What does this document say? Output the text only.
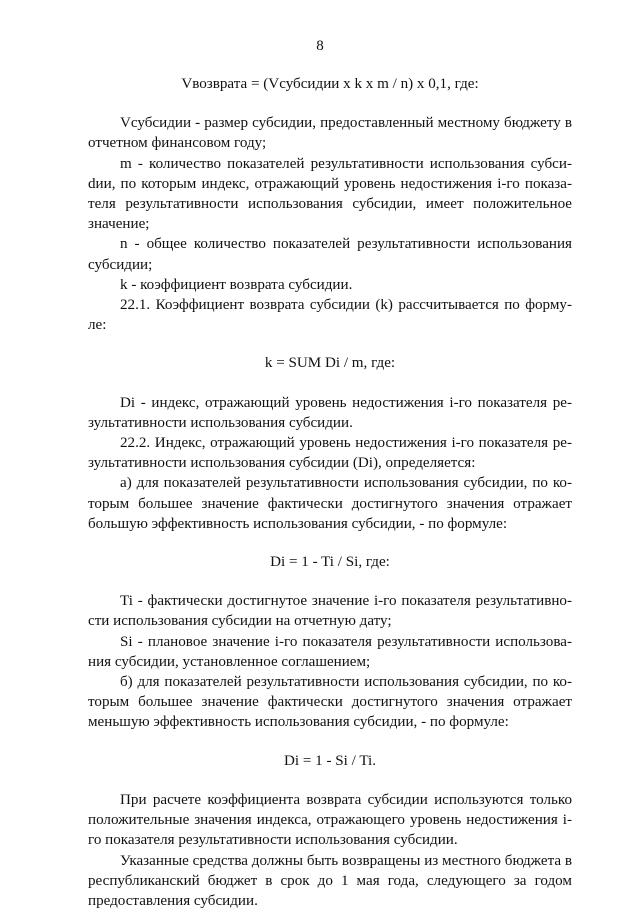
8

Vвозврата = (Vсубсидии x k x m / n) x 0,1, где:

Vсубсидии - размер субсидии, предоставленный местному бюджету в отчетном финансовом году;

m - количество показателей результативности использования субсиdии, по которым индекс, отражающий уровень недостижения i-го показателя результативности использования субсидии, имеет положительное значение;

n - общее количество показателей результативности использования субсидии;

k - коэффициент возврата субсидии.

22.1. Коэффициент возврата субсидии (k) рассчитывается по формуле:

k = SUM Di / m, где:

Di - индекс, отражающий уровень недостижения i-го показателя результативности использования субсидии.

22.2. Индекс, отражающий уровень недостижения i-го показателя результативности использования субсидии (Di), определяется:

а) для показателей результативности использования субсидии, по которым большее значение фактически достигнутого значения отражает большую эффективность использования субсидии, - по формуле:

Di = 1 - Ti / Si, где:

Ti - фактически достигнутое значение i-го показателя результативности использования субсидии на отчетную дату;

Si - плановое значение i-го показателя результативности использования субсидии, установленное соглашением;

б) для показателей результативности использования субсидии, по которым большее значение фактически достигнутого значения отражает меньшую эффективность использования субсидии, - по формуле:

Di = 1 - Si / Ti.

При расчете коэффициента возврата субсидии используются только положительные значения индекса, отражающего уровень недостижения i-го показателя результативности использования субсидии.

Указанные средства должны быть возвращены из местного бюджета в республиканский бюджет в срок до 1 мая года, следующего за годом предоставления субсидии.
